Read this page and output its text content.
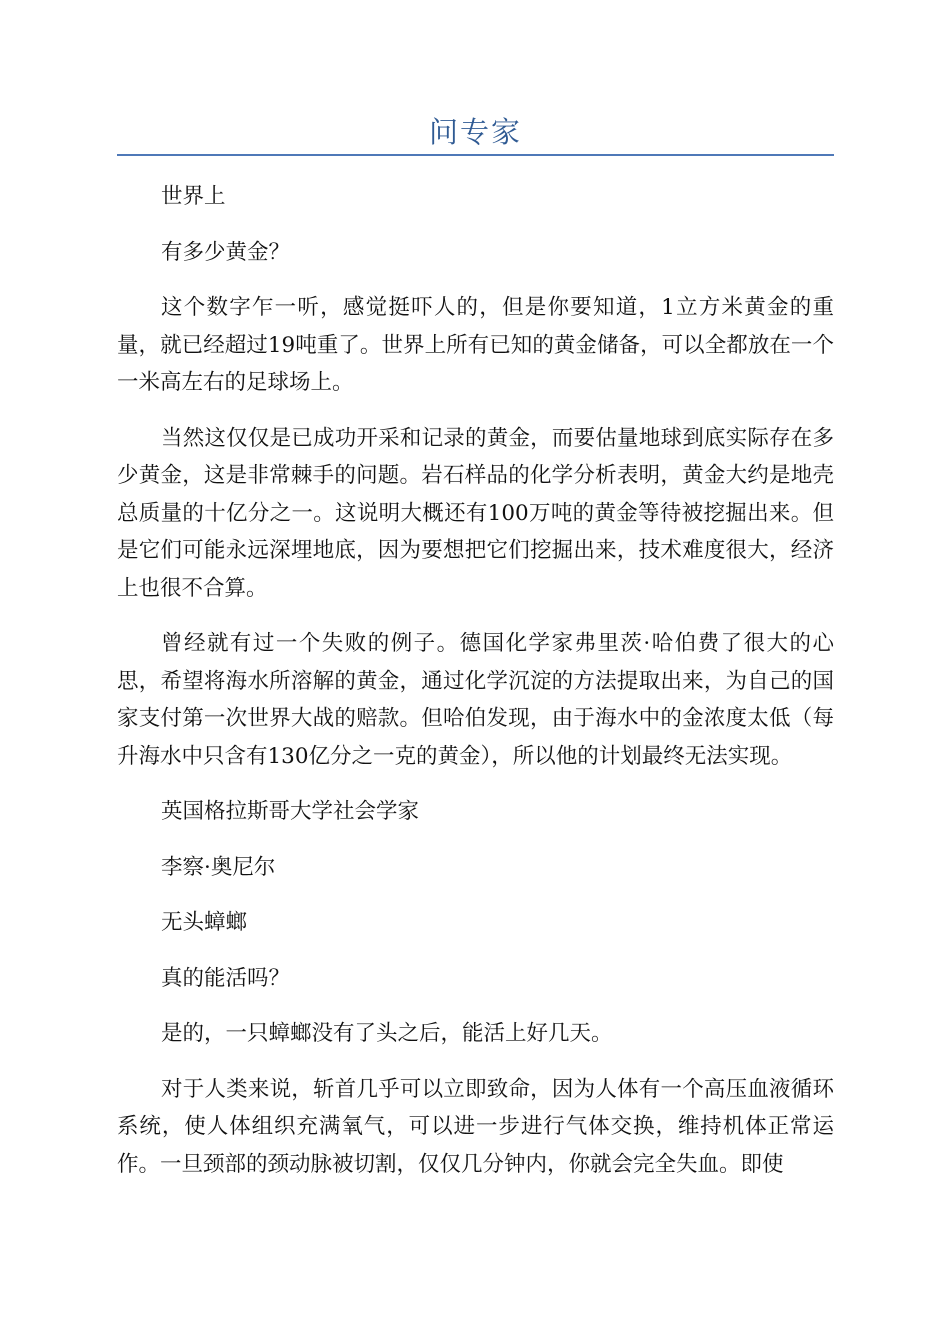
问专家

世界上

有多少黄金？

这个数字乍一听，感觉挺吓人的，但是你要知道，1立方米黄金的重量，就已经超过19吨重了。世界上所有已知的黄金储备，可以全都放在一个一米高左右的足球场上。

当然这仅仅是已成功开采和记录的黄金，而要估量地球到底实际存在多少黄金，这是非常棘手的问题。岩石样品的化学分析表明，黄金大约是地壳总质量的十亿分之一。这说明大概还有100万吨的黄金等待被挖掘出来。但是它们可能永远深埋地底，因为要想把它们挖掘出来，技术难度很大，经济上也很不合算。

曾经就有过一个失败的例子。德国化学家弗里茨·哈伯费了很大的心思，希望将海水所溶解的黄金，通过化学沉淀的方法提取出来，为自己的国家支付第一次世界大战的赔款。但哈伯发现，由于海水中的金浓度太低（每升海水中只含有130亿分之一克的黄金），所以他的计划最终无法实现。

英国格拉斯哥大学社会学家

李察·奥尼尔

无头蟑螂

真的能活吗？

是的，一只蟑螂没有了头之后，能活上好几天。

对于人类来说，斩首几乎可以立即致命，因为人体有一个高压血液循环系统，使人体组织充满氧气，可以进一步进行气体交换，维持机体正常运作。一旦颈部的颈动脉被切割，仅仅几分钟内，你就会完全失血。即使
